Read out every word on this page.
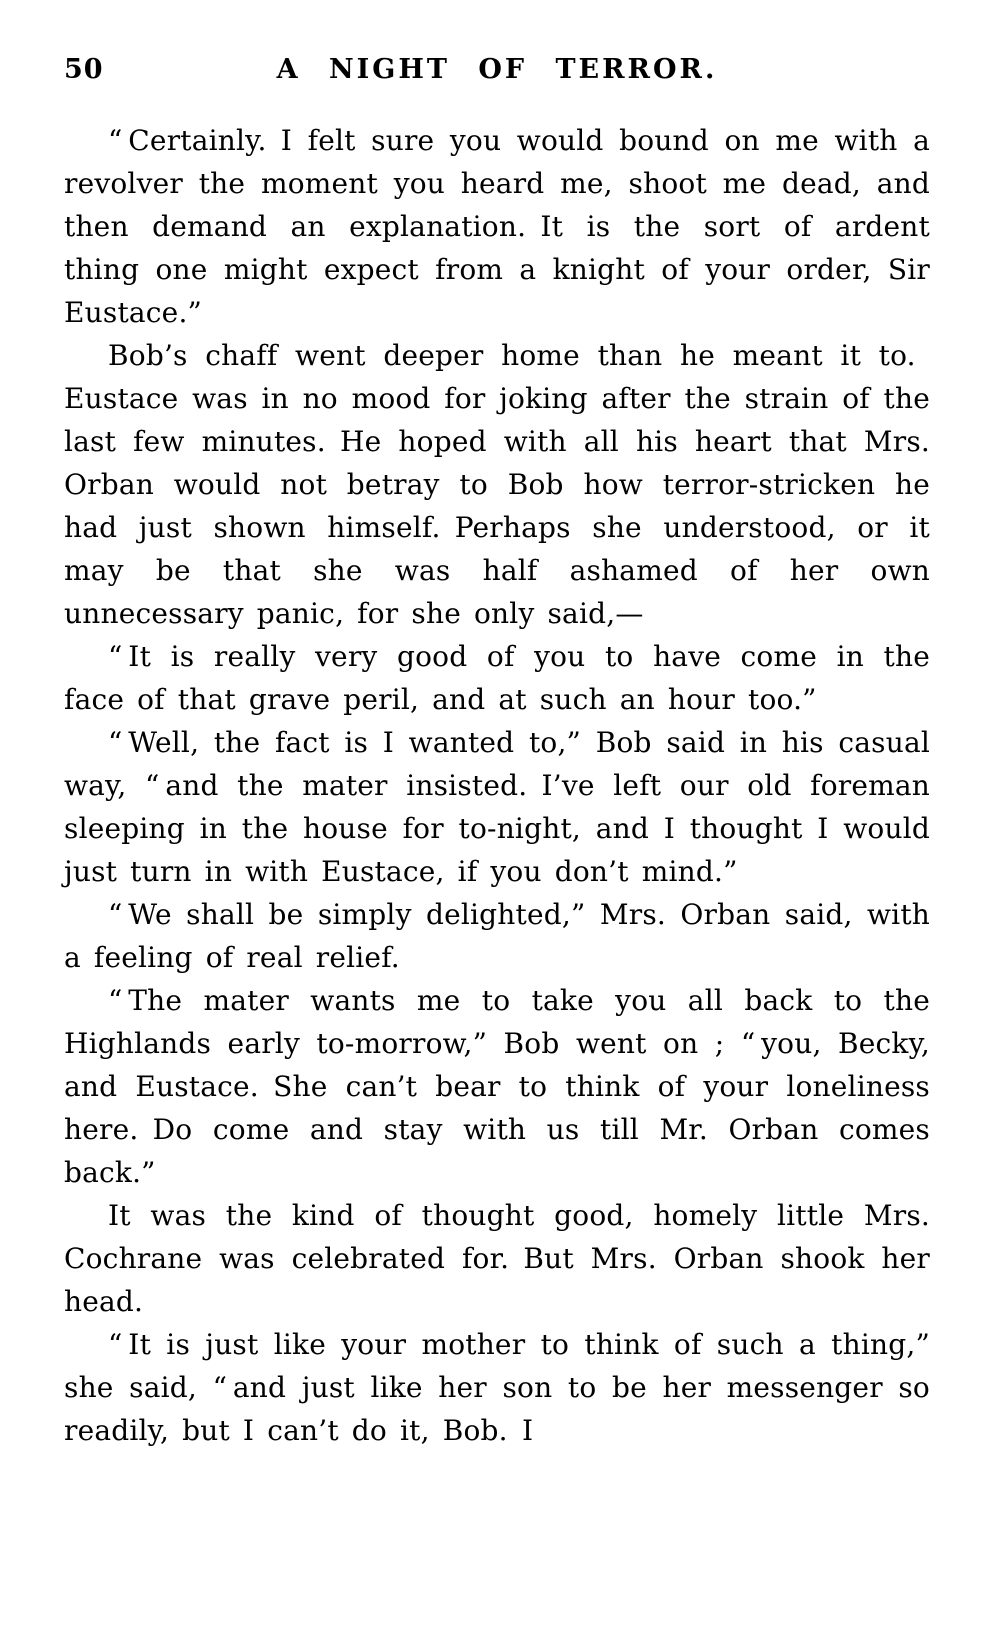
50	A NIGHT OF TERROR.

“ Certainly. I felt sure you would bound on me with a revolver the moment you heard me, shoot me dead, and then demand an explanation. It is the sort of ardent thing one might expect from a knight of your order, Sir Eustace.”

Bob’s chaff went deeper home than he meant it to. Eustace was in no mood for joking after the strain of the last few minutes. He hoped with all his heart that Mrs. Orban would not betray to Bob how terror-stricken he had just shown himself. Perhaps she understood, or it may be that she was half ashamed of her own unnecessary panic, for she only said,—

“ It is really very good of you to have come in the face of that grave peril, and at such an hour too.”

“ Well, the fact is I wanted to,” Bob said in his casual way, “ and the mater insisted. I’ve left our old foreman sleeping in the house for to-night, and I thought I would just turn in with Eustace, if you don’t mind.”

“ We shall be simply delighted,” Mrs. Orban said, with a feeling of real relief.

“ The mater wants me to take you all back to the Highlands early to-morrow,” Bob went on ; “ you, Becky, and Eustace. She can’t bear to think of your loneliness here. Do come and stay with us till Mr. Orban comes back.”

It was the kind of thought good, homely little Mrs. Cochrane was celebrated for. But Mrs. Orban shook her head.

“ It is just like your mother to think of such a thing,” she said, “ and just like her son to be her messenger so readily, but I can’t do it, Bob. I
